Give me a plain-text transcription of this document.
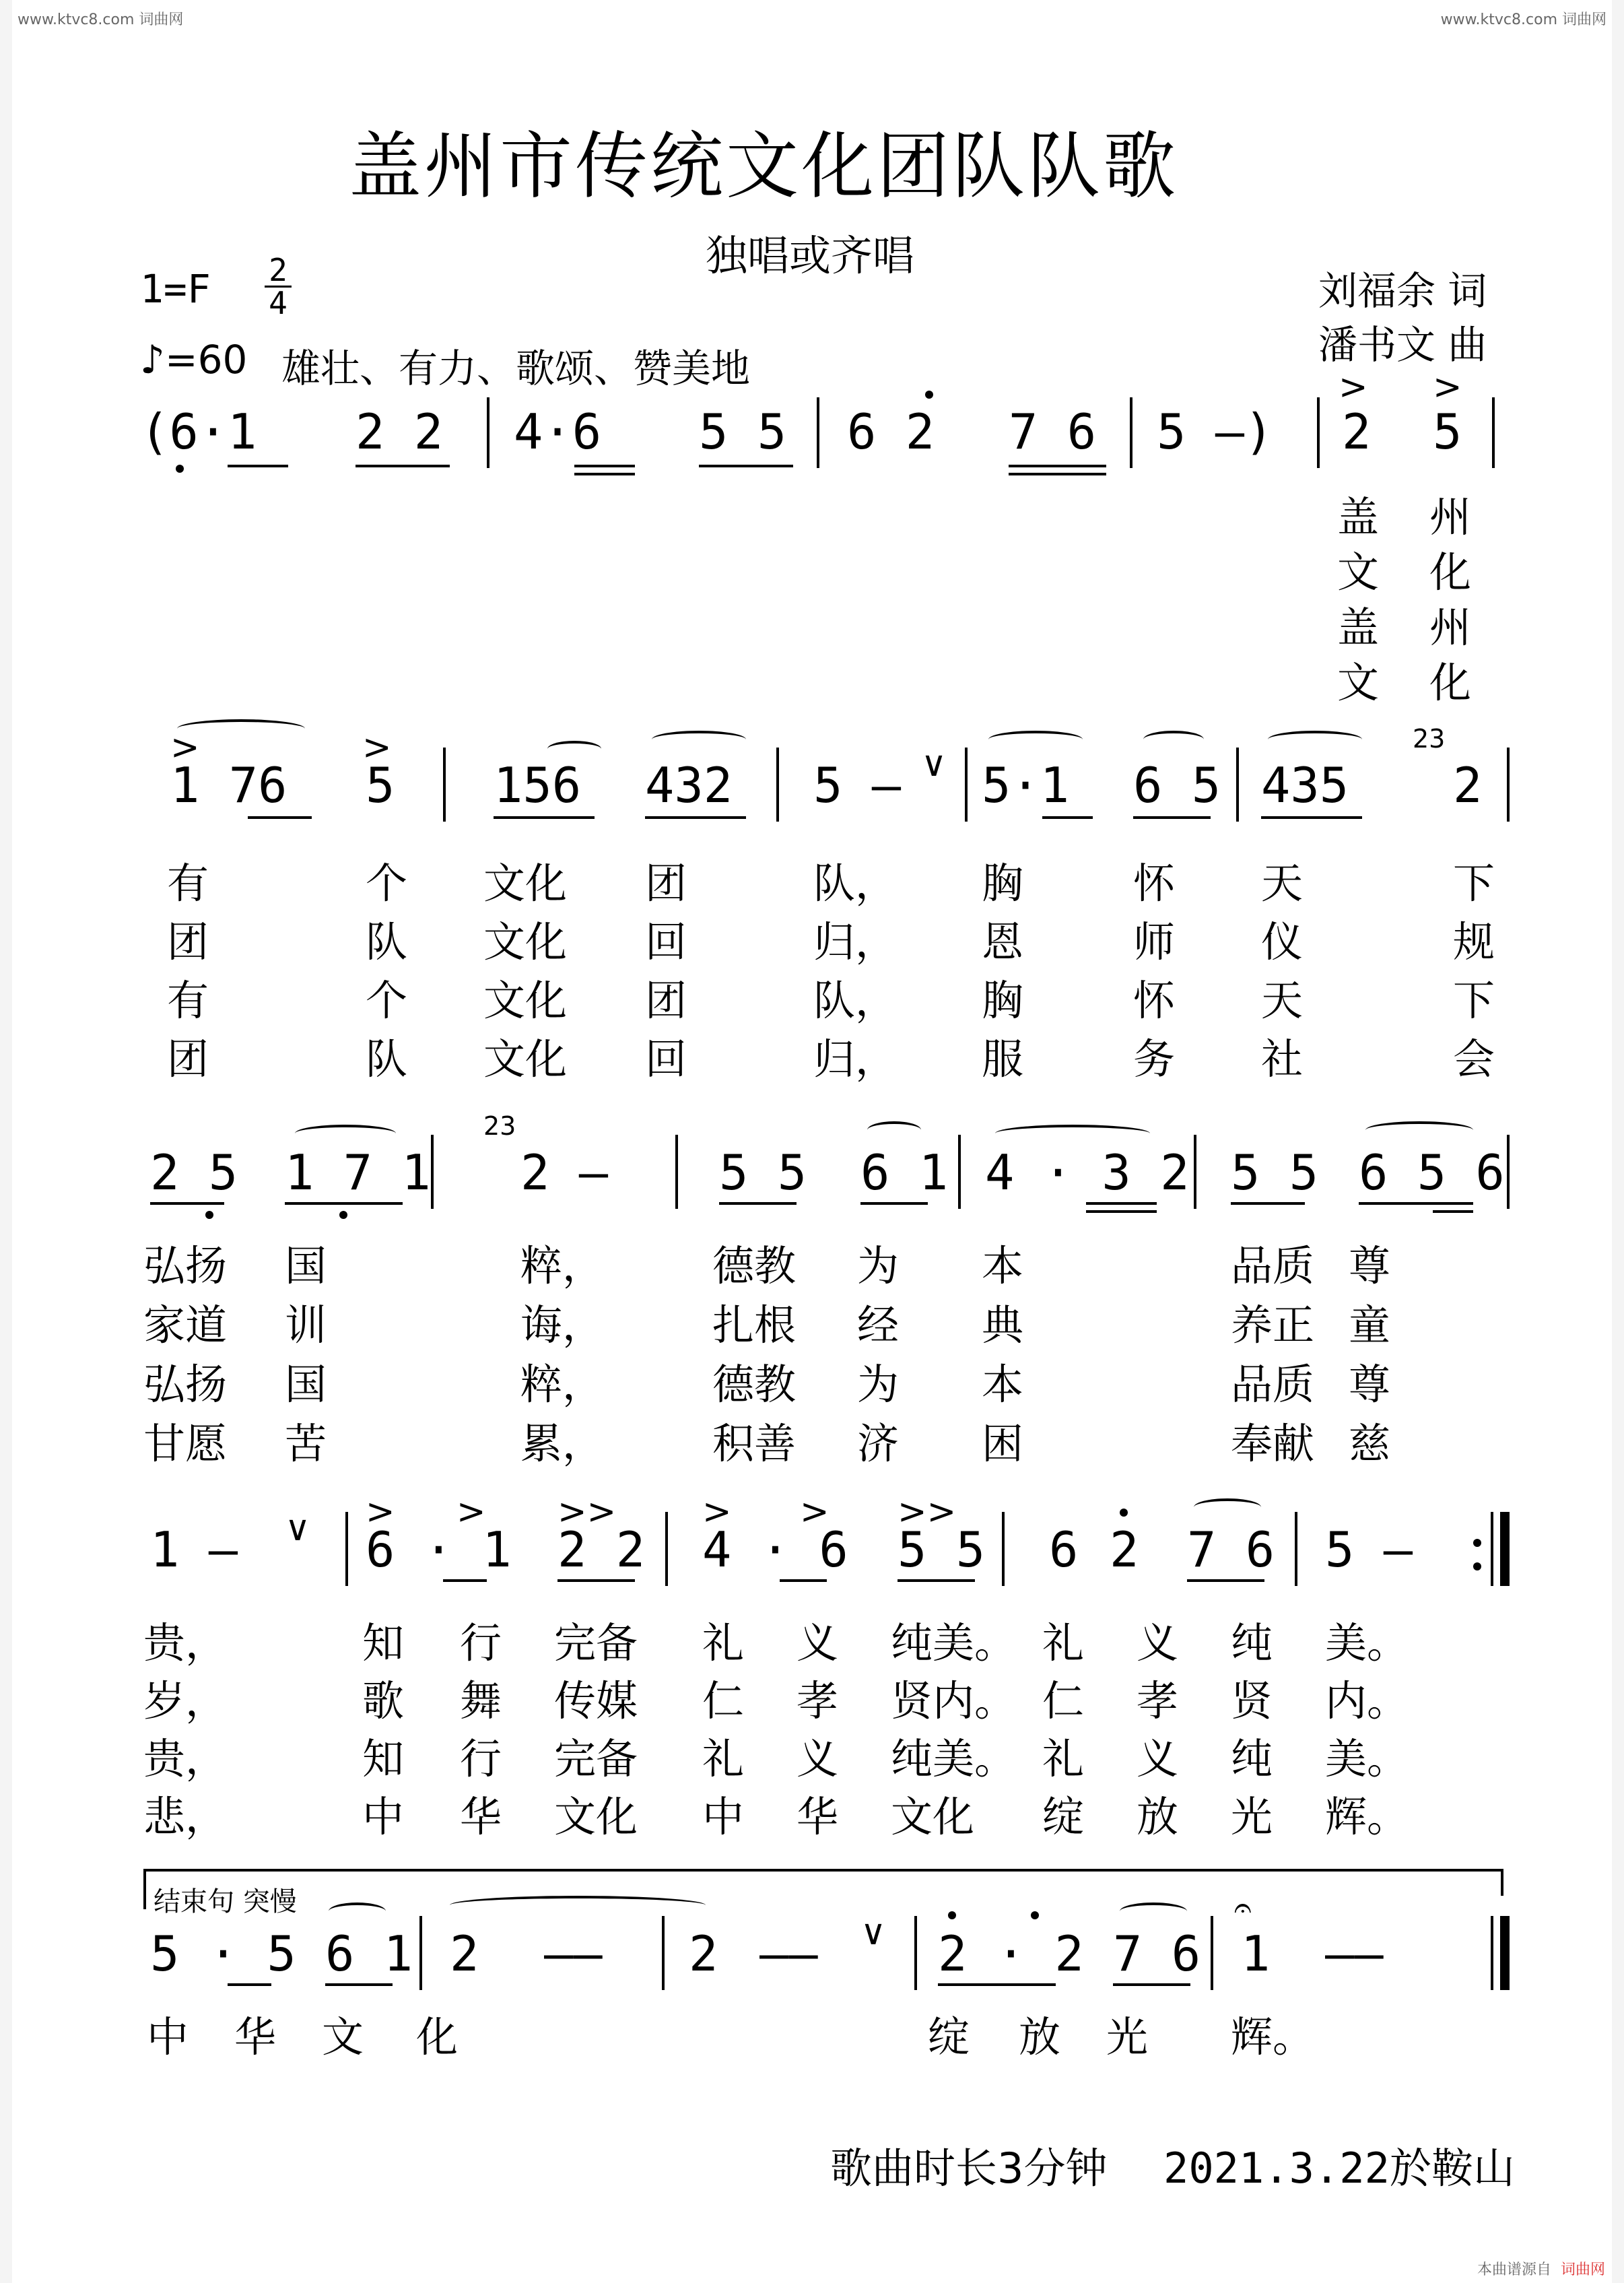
www.ktvc8.com 词曲网	www.ktvc8.com 词曲网
本曲谱源自 词曲网
盖州市传统文化团队队歌
独唱或齐唱
$1=F \frac{2}{4}$
♪=60 雄壮、有力、歌颂、赞美地
刘福余 词
潘书文 曲
(6·1 2 2 4·6 5 5 6 2 7 6 5 —)
> >
2 5
盖 州
文 化
盖 州
文 化
>	>
1 76 5 156 432 5 — ∨ 5·1 6 5 435
23
2
有	个 文化 团	队， 胸	怀 天	下
团	队 文化 回	归， 恩	师 仪	规
有	个 文化 团	队， 胸	怀 天	下
团	队 文化 回	归， 服	务 社	会
2 5 1 7 1
23
2 — 5 5 6 1 4 · 3 2 5 5 6 5 6
弘扬 国	粹，	德教 为 本	品质 尊
家道 训	诲，	扎根 经 典	养正 童
弘扬 国	粹，	德教 为 本	品质 尊
甘愿 苦	累，	积善 济 困	奉献 慈
1 — ∨ > >
6 · 1
>>
2 2
> >
4 · 6
>>
5 5 6 2 7 6 5 —
贵，	知 行 完备 礼 义 纯美。 礼 义 纯 美。
岁，	歌 舞 传媒 仁 孝 贤内。 仁 孝 贤 内。
贵，	知 行 完备 礼 义 纯美。 礼 义 纯 美。
悲，	中 华 文化 中 华 文化 绽 放 光 辉。
结束句 突慢
5 · 5 6 1 2 —— 2 —— ∨ 2 · 2 7 6
𝄐
1 ——
中 华 文 化	绽 放 光 辉。
歌曲时长3分钟 2021.3.22於鞍山
